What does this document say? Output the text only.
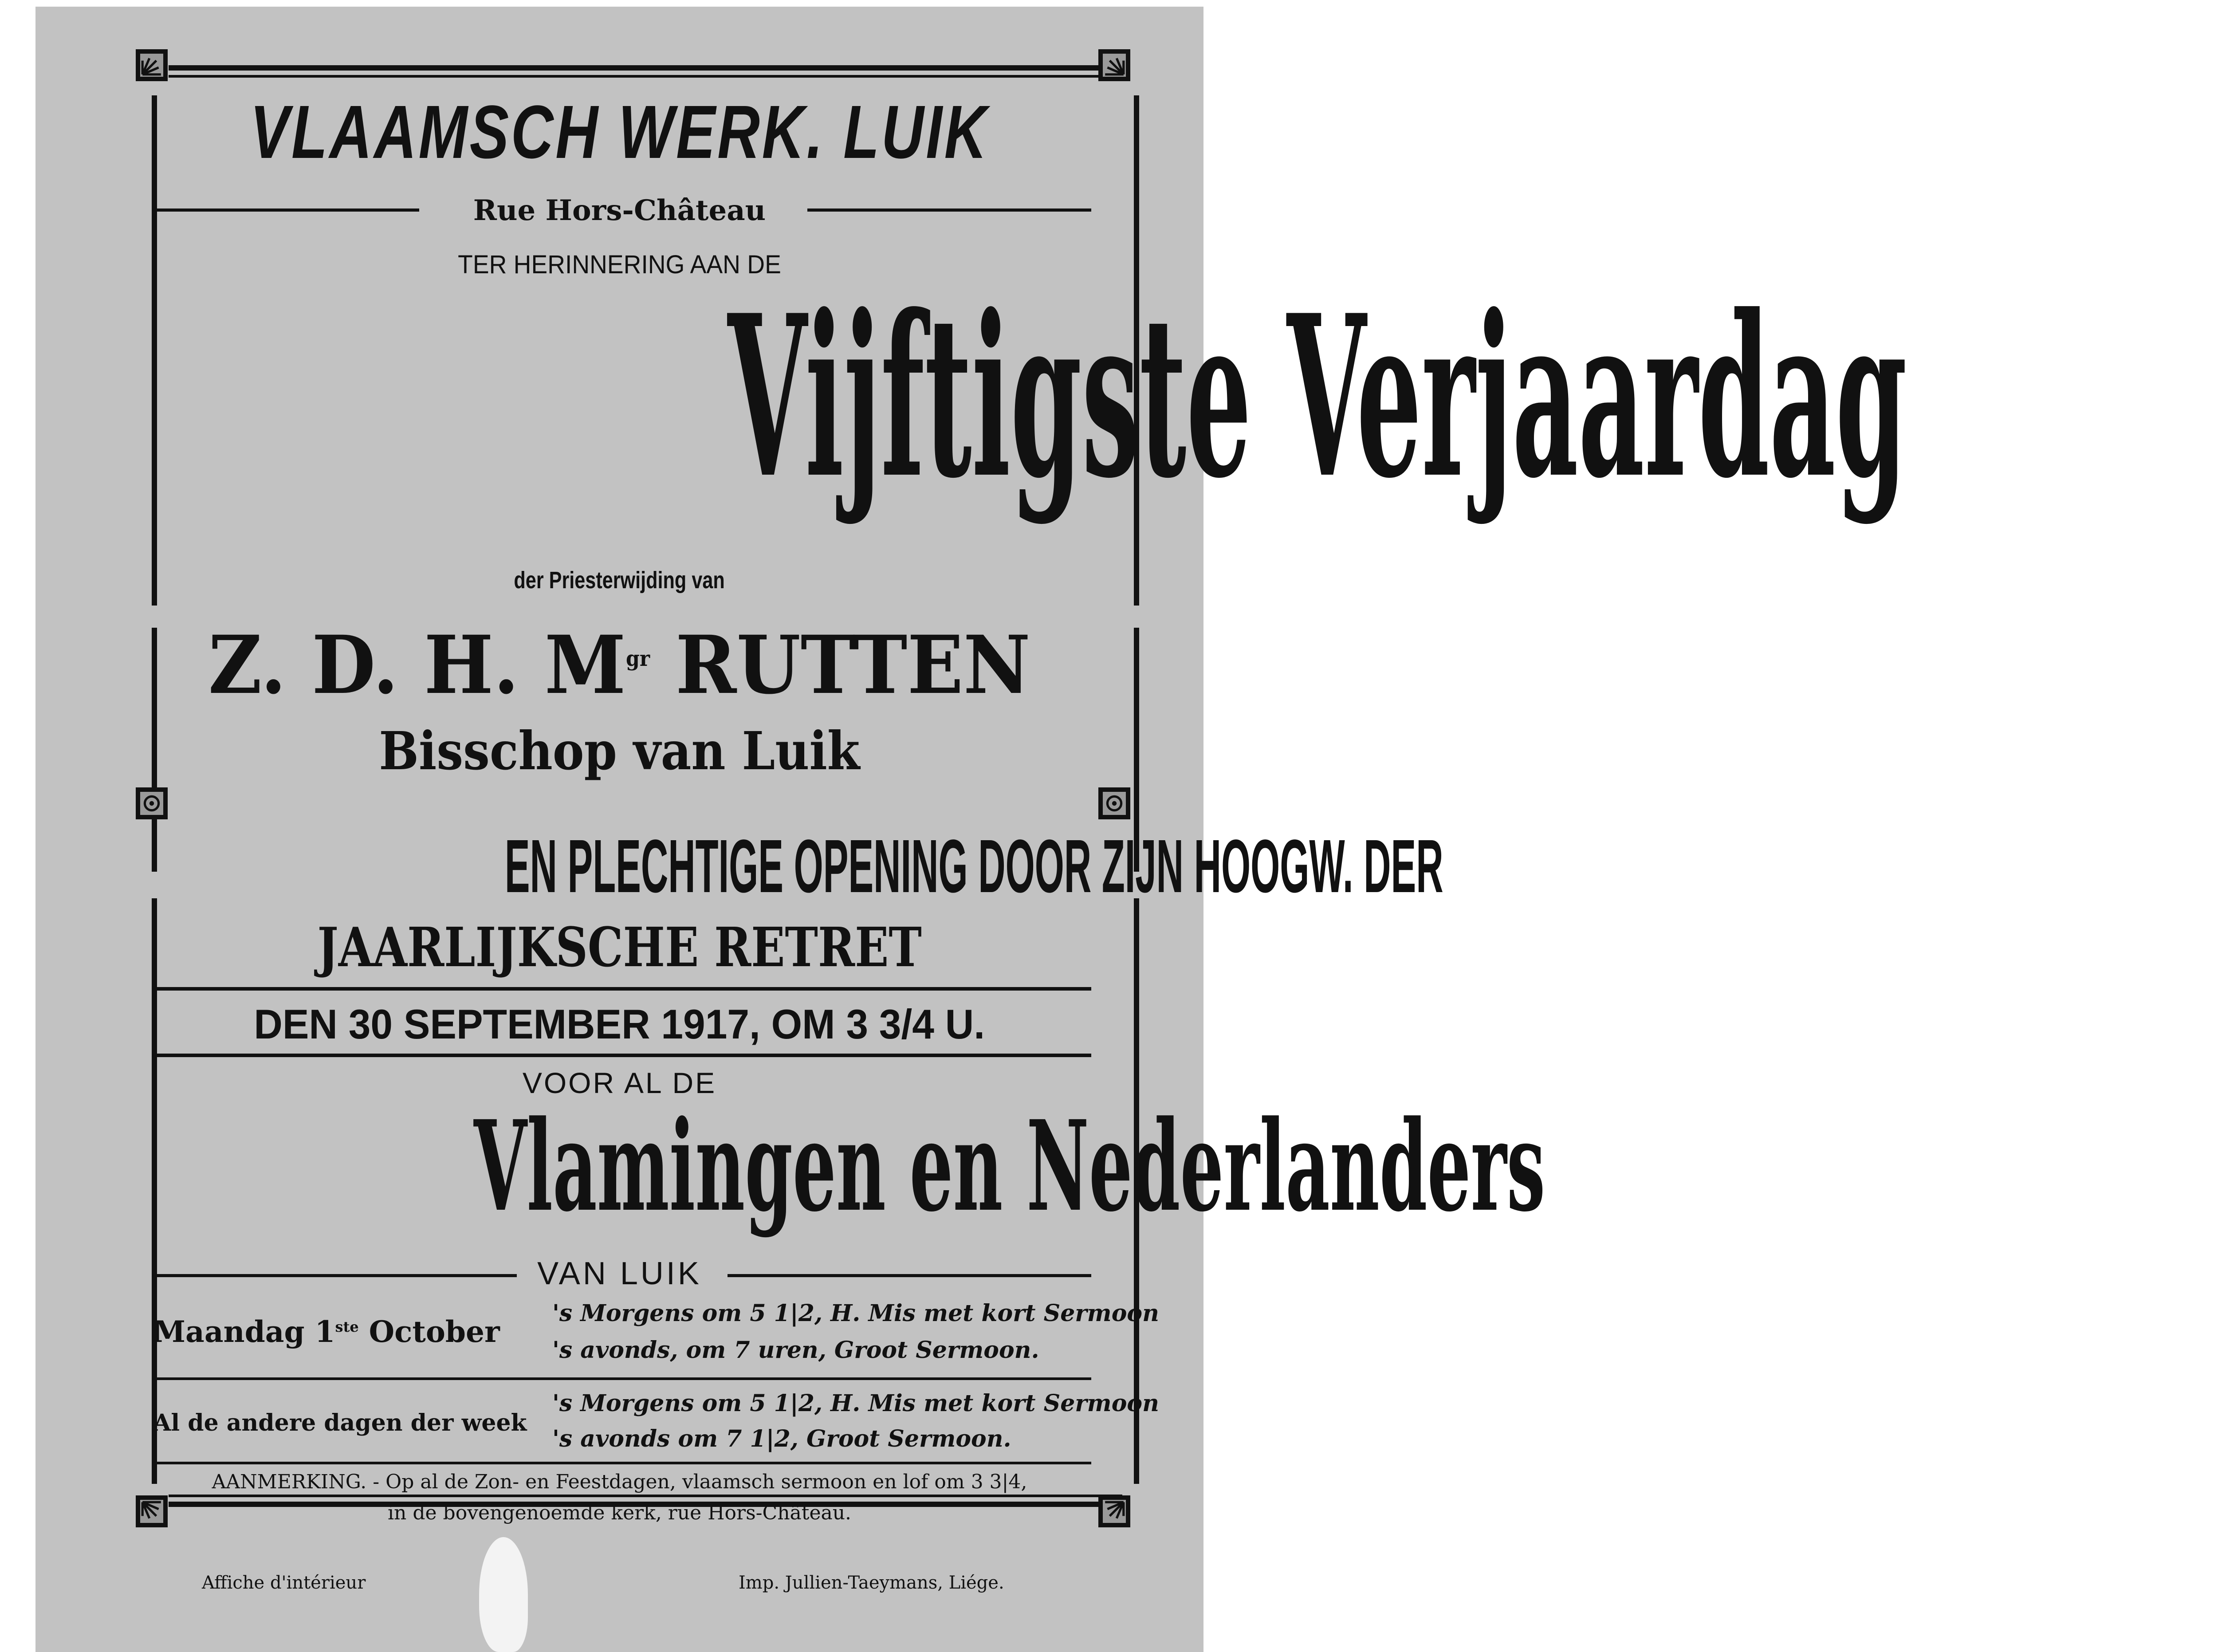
VLAAMSCH WERK. LUIK
Rue Hors-Château
TER HERINNERING AAN DE
Vijftigste Verjaardag
der Priesterwijding van
Z. D. H. $M^{gr}$ RUTTEN
Bisschop van Luik
EN PLECHTIGE OPENING DOOR ZIJN HOOGW. DER
JAARLIJKSCHE RETRET
DEN 30 SEPTEMBER 1917, OM 3 3/4 U.
VOOR AL DE
Vlamingen en Nederlanders
VAN LUIK
Maandag 1ste October
's Morgens om 5 1|2, H. Mis met kort Sermoon
's avonds, om 7 uren, Groot Sermoon.
Al de andere dagen der week
's Morgens om 5 1|2, H. Mis met kort Sermoon
's avonds om 7 1|2, Groot Sermoon.
AANMERKING. - Op al de Zon- en Feestdagen, vlaamsch sermoon en lof om 3 3|4,
in de bovengenoemde kerk, rue Hors-Château.
Affiche d'intérieur	Imp. Jullien-Taeymans, Liége.
